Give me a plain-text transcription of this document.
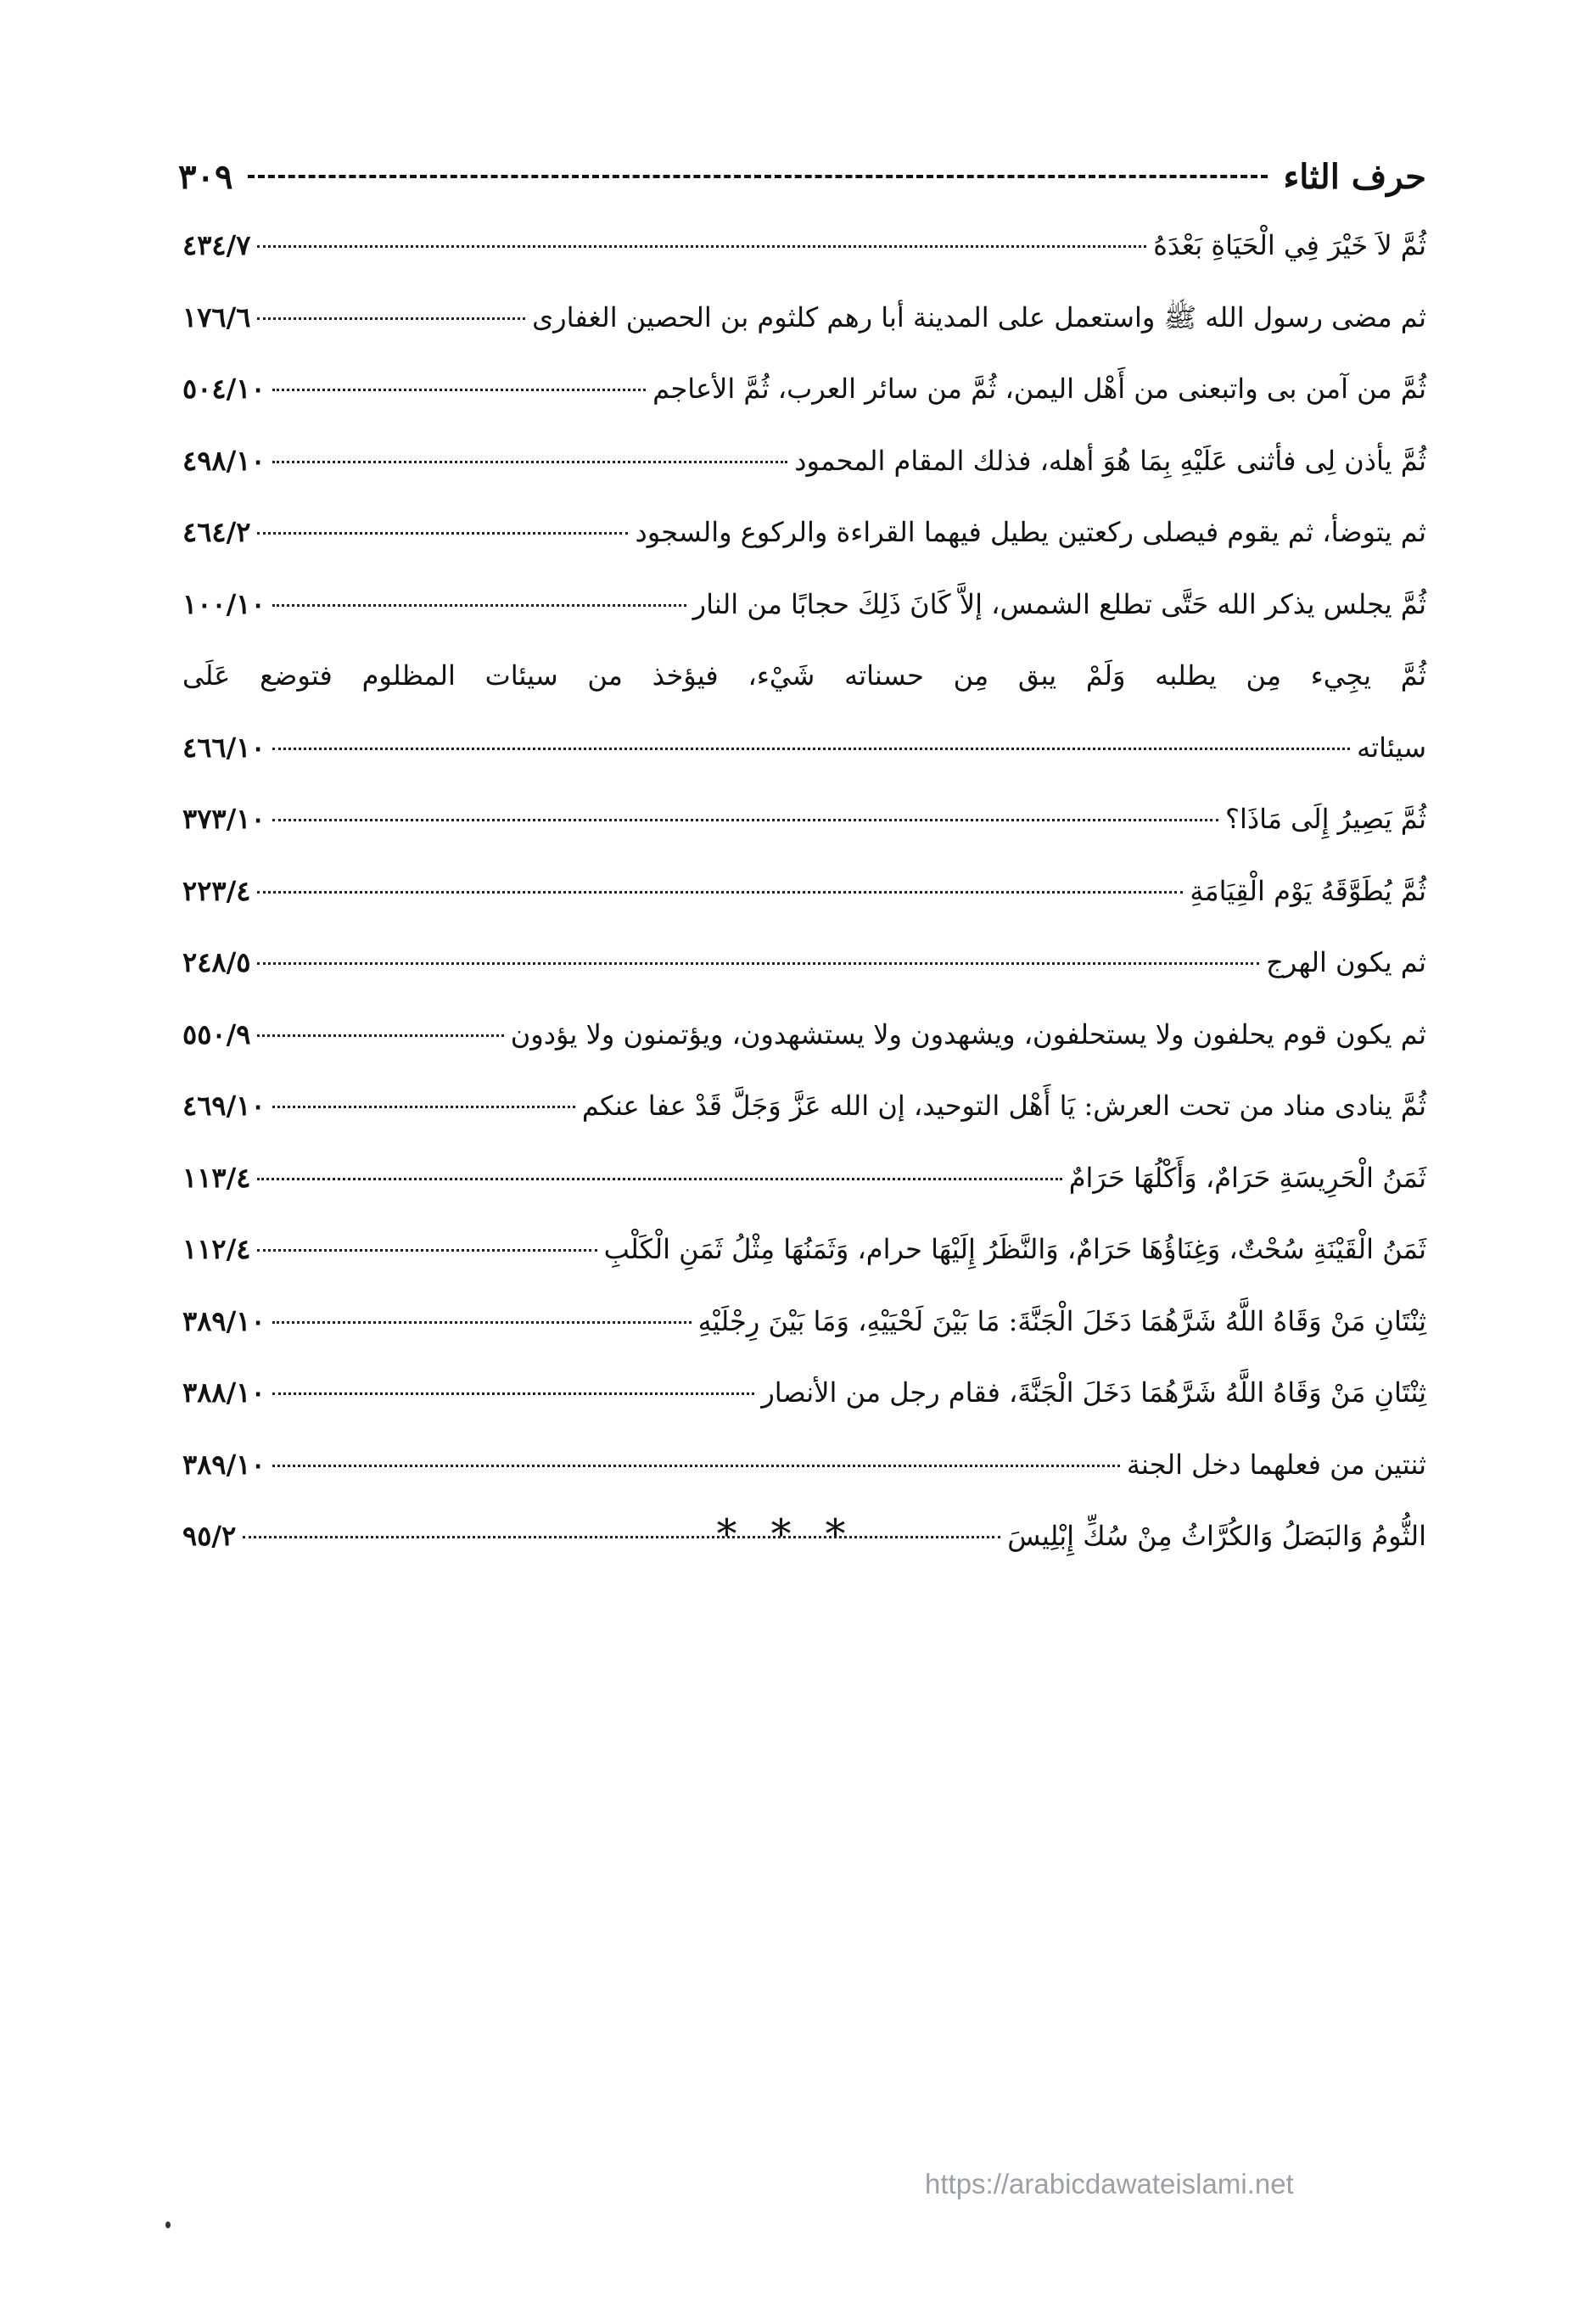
حرف الثاء
٣٠٩
ثُمَّ لاَ خَيْرَ فِي الْحَيَاةِ بَعْدَهُ
٤٣٤/٧
ثم مضى رسول الله ﷺ واستعمل على المدينة أبا رهم كلثوم بن الحصين الغفارى
١٧٦/٦
ثُمَّ من آمن بى واتبعنى من أَهْل اليمن، ثُمَّ من سائر العرب، ثُمَّ الأعاجم
٥٠٤/١٠
ثُمَّ يأذن لِى فأثنى عَلَيْهِ بِمَا هُوَ أهله، فذلك المقام المحمود
٤٩٨/١٠
ثم يتوضأ، ثم يقوم فيصلى ركعتين يطيل فيهما القراءة والركوع والسجود
٤٦٤/٢
ثُمَّ يجلس يذكر الله حَتَّى تطلع الشمس، إلاَّ كَانَ ذَلِكَ حجابًا من النار
١٠٠/١٠
ثُمَّ يجِيء مِن يطلبه وَلَمْ يبق مِن حسناته شَيْء، فيؤخذ من سيئات المظلوم فتوضع عَلَى
سيئاته
٤٦٦/١٠
ثُمَّ يَصِيرُ إِلَى مَاذَا؟
٣٧٣/١٠
ثُمَّ يُطَوَّقَهُ يَوْم الْقِيَامَةِ
٢٢٣/٤
ثم يكون الهرج
٢٤٨/٥
ثم يكون قوم يحلفون ولا يستحلفون، ويشهدون ولا يستشهدون، ويؤتمنون ولا يؤدون
٥٥٠/٩
ثُمَّ ينادى مناد من تحت العرش: يَا أَهْل التوحيد، إن الله عَزَّ وَجَلَّ قَدْ عفا عنكم
٤٦٩/١٠
ثَمَنُ الْحَرِيسَةِ حَرَامٌ، وَأَكْلُهَا حَرَامٌ
١١٣/٤
ثَمَنُ الْقَيْنَةِ سُحْتٌ، وَغِنَاؤُهَا حَرَامٌ، وَالنَّظَرُ إِلَيْهَا حرام، وَثَمَنُهَا مِثْلُ ثَمَنِ الْكَلْبِ
١١٢/٤
ثِنْتَانِ مَنْ وَقَاهُ اللَّهُ شَرَّهُمَا دَخَلَ الْجَنَّةَ: مَا بَيْنَ لَحْيَيْهِ، وَمَا بَيْنَ رِجْلَيْهِ
٣٨٩/١٠
ثِنْتَانِ مَنْ وَقَاهُ اللَّهُ شَرَّهُمَا دَخَلَ الْجَنَّةَ، فقام رجل من الأنصار
٣٨٨/١٠
ثنتين من فعلهما دخل الجنة
٣٨٩/١٠
الثُّومُ وَالبَصَلُ وَالكُرَّاثُ مِنْ سُكِّ إِبْلِيسَ
٩٥/٢	***
https://arabicdawateislami.net
